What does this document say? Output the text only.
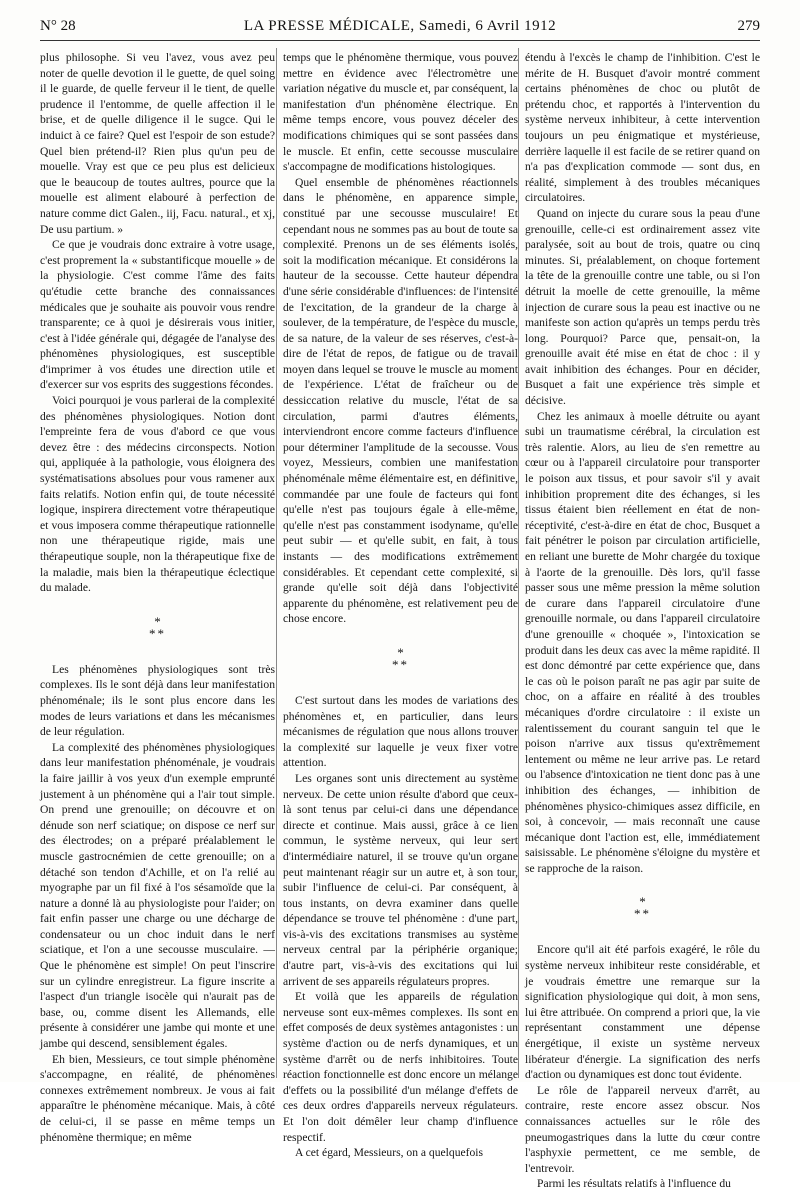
N° 28	LA PRESSE MÉDICALE, Samedi, 6 Avril 1912	279

plus philosophe. Si veu l'avez, vous avez peu noter de quelle devotion il le guette, de quel soing il le guarde, de quelle ferveur il le tient, de quelle prudence il l'entomme, de quelle affection il le brise, et de quelle diligence il le sugce. Qui le induict à ce faire? Quel est l'espoir de son estude? Quel bien prétend-il? Rien plus qu'un peu de mouelle. Vray est que ce peu plus est delicieux que le beaucoup de toutes aultres, pource que la mouelle est aliment elabouré à perfection de nature comme dict Galen., iij, Facu. natural., et xj, De usu partium. »

Ce que je voudrais donc extraire à votre usage, c'est proprement la « substantificque mouelle » de la physiologie. C'est comme l'âme des faits qu'étudie cette branche des connaissances médicales que je souhaite ais pouvoir vous rendre transparente; ce à quoi je désirerais vous initier, c'est à l'idée générale qui, dégagée de l'analyse des phénomènes physiologiques, est susceptible d'imprimer à vos études une direction utile et d'exercer sur vos esprits des suggestions fécondes.

Voici pourquoi je vous parlerai de la complexité des phénomènes physiologiques. Notion dont l'empreinte fera de vous d'abord ce que vous devez être : des médecins circonspects. Notion qui, appliquée à la pathologie, vous éloignera des systématisations absolues pour vous ramener aux faits relatifs. Notion enfin qui, de toute nécessité logique, inspirera directement votre thérapeutique et vous imposera comme thérapeutique rationnelle non une thérapeutique rigide, mais une thérapeutique souple, non la thérapeutique fixe de la maladie, mais bien la thérapeutique éclectique du malade.

*
**

Les phénomènes physiologiques sont très complexes. Ils le sont déjà dans leur manifestation phénoménale; ils le sont plus encore dans les modes de leurs variations et dans les mécanismes de leur régulation.

La complexité des phénomènes physiologiques dans leur manifestation phénoménale, je voudrais la faire jaillir à vos yeux d'un exemple emprunté justement à un phénomène qui a l'air tout simple. On prend une grenouille; on découvre et on dénude son nerf sciatique; on dispose ce nerf sur des électrodes; on a préparé préalablement le muscle gastrocnémien de cette grenouille; on a détaché son tendon d'Achille, et on l'a relié au myographe par un fil fixé à l'os sésamoïde que la nature a donné là au physiologiste pour l'aider; on fait enfin passer une charge ou une décharge de condensateur ou un choc induit dans le nerf sciatique, et l'on a une secousse musculaire. — Que le phénomène est simple! On peut l'inscrire sur un cylindre enregistreur. La figure inscrite a l'aspect d'un triangle isocèle qui n'aurait pas de base, ou, comme disent les Allemands, elle présente à considérer une jambe qui monte et une jambe qui descend, sensiblement égales.

Eh bien, Messieurs, ce tout simple phénomène s'accompagne, en réalité, de phénomènes connexes extrêmement nombreux. Je vous ai fait apparaître le phénomène mécanique. Mais, à côté de celui-ci, il se passe en même temps un phénomène thermique; en même

temps que le phénomène thermique, vous pouvez mettre en évidence avec l'électromètre une variation négative du muscle et, par conséquent, la manifestation d'un phénomène électrique. En même temps encore, vous pouvez déceler des modifications chimiques qui se sont passées dans le muscle. Et enfin, cette secousse musculaire s'accompagne de modifications histologiques.

Quel ensemble de phénomènes réactionnels dans le phénomène, en apparence simple, constitué par une secousse musculaire! Et cependant nous ne sommes pas au bout de toute sa complexité. Prenons un de ses éléments isolés, soit la modification mécanique. Et considérons la hauteur de la secousse. Cette hauteur dépendra d'une série considérable d'influences: de l'intensité de l'excitation, de la grandeur de la charge à soulever, de la température, de l'espèce du muscle, de sa nature, de la valeur de ses réserves, c'est-à-dire de l'état de repos, de fatigue ou de travail moyen dans lequel se trouve le muscle au moment de l'expérience. L'état de fraîcheur ou de dessiccation relative du muscle, l'état de sa circulation, parmi d'autres éléments, interviendront encore comme facteurs d'influence pour déterminer l'amplitude de la secousse. Vous voyez, Messieurs, combien une manifestation phénoménale même élémentaire est, en définitive, commandée par une foule de facteurs qui font qu'elle n'est pas toujours égale à elle-même, qu'elle n'est pas constamment isodyname, qu'elle peut subir — et qu'elle subit, en fait, à tous instants — des modifications extrêmement considérables. Et cependant cette complexité, si grande qu'elle soit déjà dans l'objectivité apparente du phénomène, est relativement peu de chose encore.

*
**

C'est surtout dans les modes de variations des phénomènes et, en particulier, dans leurs mécanismes de régulation que nous allons trouver la complexité sur laquelle je veux fixer votre attention.

Les organes sont unis directement au système nerveux. De cette union résulte d'abord que ceux-là sont tenus par celui-ci dans une dépendance directe et continue. Mais aussi, grâce à ce lien commun, le système nerveux, qui leur sert d'intermédiaire naturel, il se trouve qu'un organe peut maintenant réagir sur un autre et, à son tour, subir l'influence de celui-ci. Par conséquent, à tous instants, on devra examiner dans quelle dépendance se trouve tel phénomène : d'une part, vis-à-vis des excitations transmises au système nerveux central par la périphérie organique; d'autre part, vis-à-vis des excitations qui lui arrivent de ses appareils régulateurs propres.

Et voilà que les appareils de régulation nerveuse sont eux-mêmes complexes. Ils sont en effet composés de deux systèmes antagonistes : un système d'action ou de nerfs dynamiques, et un système d'arrêt ou de nerfs inhibitoires. Toute réaction fonctionnelle est donc encore un mélange d'effets ou la possibilité d'un mélange d'effets de ces deux ordres d'appareils nerveux régulateurs. Et l'on doit démêler leur champ d'influence respectif.

A cet égard, Messieurs, on a quelquefois

étendu à l'excès le champ de l'inhibition. C'est le mérite de H. Busquet d'avoir montré comment certains phénomènes de choc ou plutôt de prétendu choc, et rapportés à l'intervention du système nerveux inhibiteur, à cette intervention toujours un peu énigmatique et mystérieuse, derrière laquelle il est facile de se retirer quand on n'a pas d'explication commode — sont dus, en réalité, simplement à des troubles mécaniques circulatoires.

Quand on injecte du curare sous la peau d'une grenouille, celle-ci est ordinairement assez vite paralysée, soit au bout de trois, quatre ou cinq minutes. Si, préalablement, on choque fortement la tête de la grenouille contre une table, ou si l'on détruit la moelle de cette grenouille, la même injection de curare sous la peau est inactive ou ne manifeste son action qu'après un temps perdu très long. Pourquoi? Parce que, pensait-on, la grenouille avait été mise en état de choc : il y avait inhibition des échanges. Pour en décider, Busquet a fait une expérience très simple et décisive.

Chez les animaux à moelle détruite ou ayant subi un traumatisme cérébral, la circulation est très ralentie. Alors, au lieu de s'en remettre au cœur ou à l'appareil circulatoire pour transporter le poison aux tissus, et pour savoir s'il y avait inhibition proprement dite des échanges, si les tissus étaient bien réellement en état de non-réceptivité, c'est-à-dire en état de choc, Busquet a fait pénétrer le poison par circulation artificielle, en reliant une burette de Mohr chargée du toxique à l'aorte de la grenouille. Dès lors, qu'il fasse passer sous une même pression la même solution de curare dans l'appareil circulatoire d'une grenouille normale, ou dans l'appareil circulatoire d'une grenouille « choquée », l'intoxication se produit dans les deux cas avec la même rapidité. Il est donc démontré par cette expérience que, dans le cas où le poison paraît ne pas agir par suite de choc, on a affaire en réalité à des troubles mécaniques d'ordre circulatoire : il existe un ralentissement du courant sanguin tel que le poison n'arrive aux tissus qu'extrêmement lentement ou même ne leur arrive pas. Le retard ou l'absence d'intoxication ne tient donc pas à une inhibition des échanges, — inhibition de phénomènes physico-chimiques assez difficile, en soi, à concevoir, — mais reconnaît une cause mécanique dont l'action est, elle, immédiatement saisissable. Le phénomène s'éloigne du mystère et se rapproche de la raison.

*
**

Encore qu'il ait été parfois exagéré, le rôle du système nerveux inhibiteur reste considérable, et je voudrais émettre une remarque sur la signification physiologique qui doit, à mon sens, lui être attribuée. On comprend a priori que, la vie représentant constamment une dépense énergétique, il existe un système nerveux libérateur d'énergie. La signification des nerfs d'action ou dynamiques est donc tout évidente.

Le rôle de l'appareil nerveux d'arrêt, au contraire, reste encore assez obscur. Nos connaissances actuelles sur le rôle des pneumogastriques dans la lutte du cœur contre l'asphyxie permettent, ce me semble, de l'entrevoir.

Parmi les résultats relatifs à l'influence du
